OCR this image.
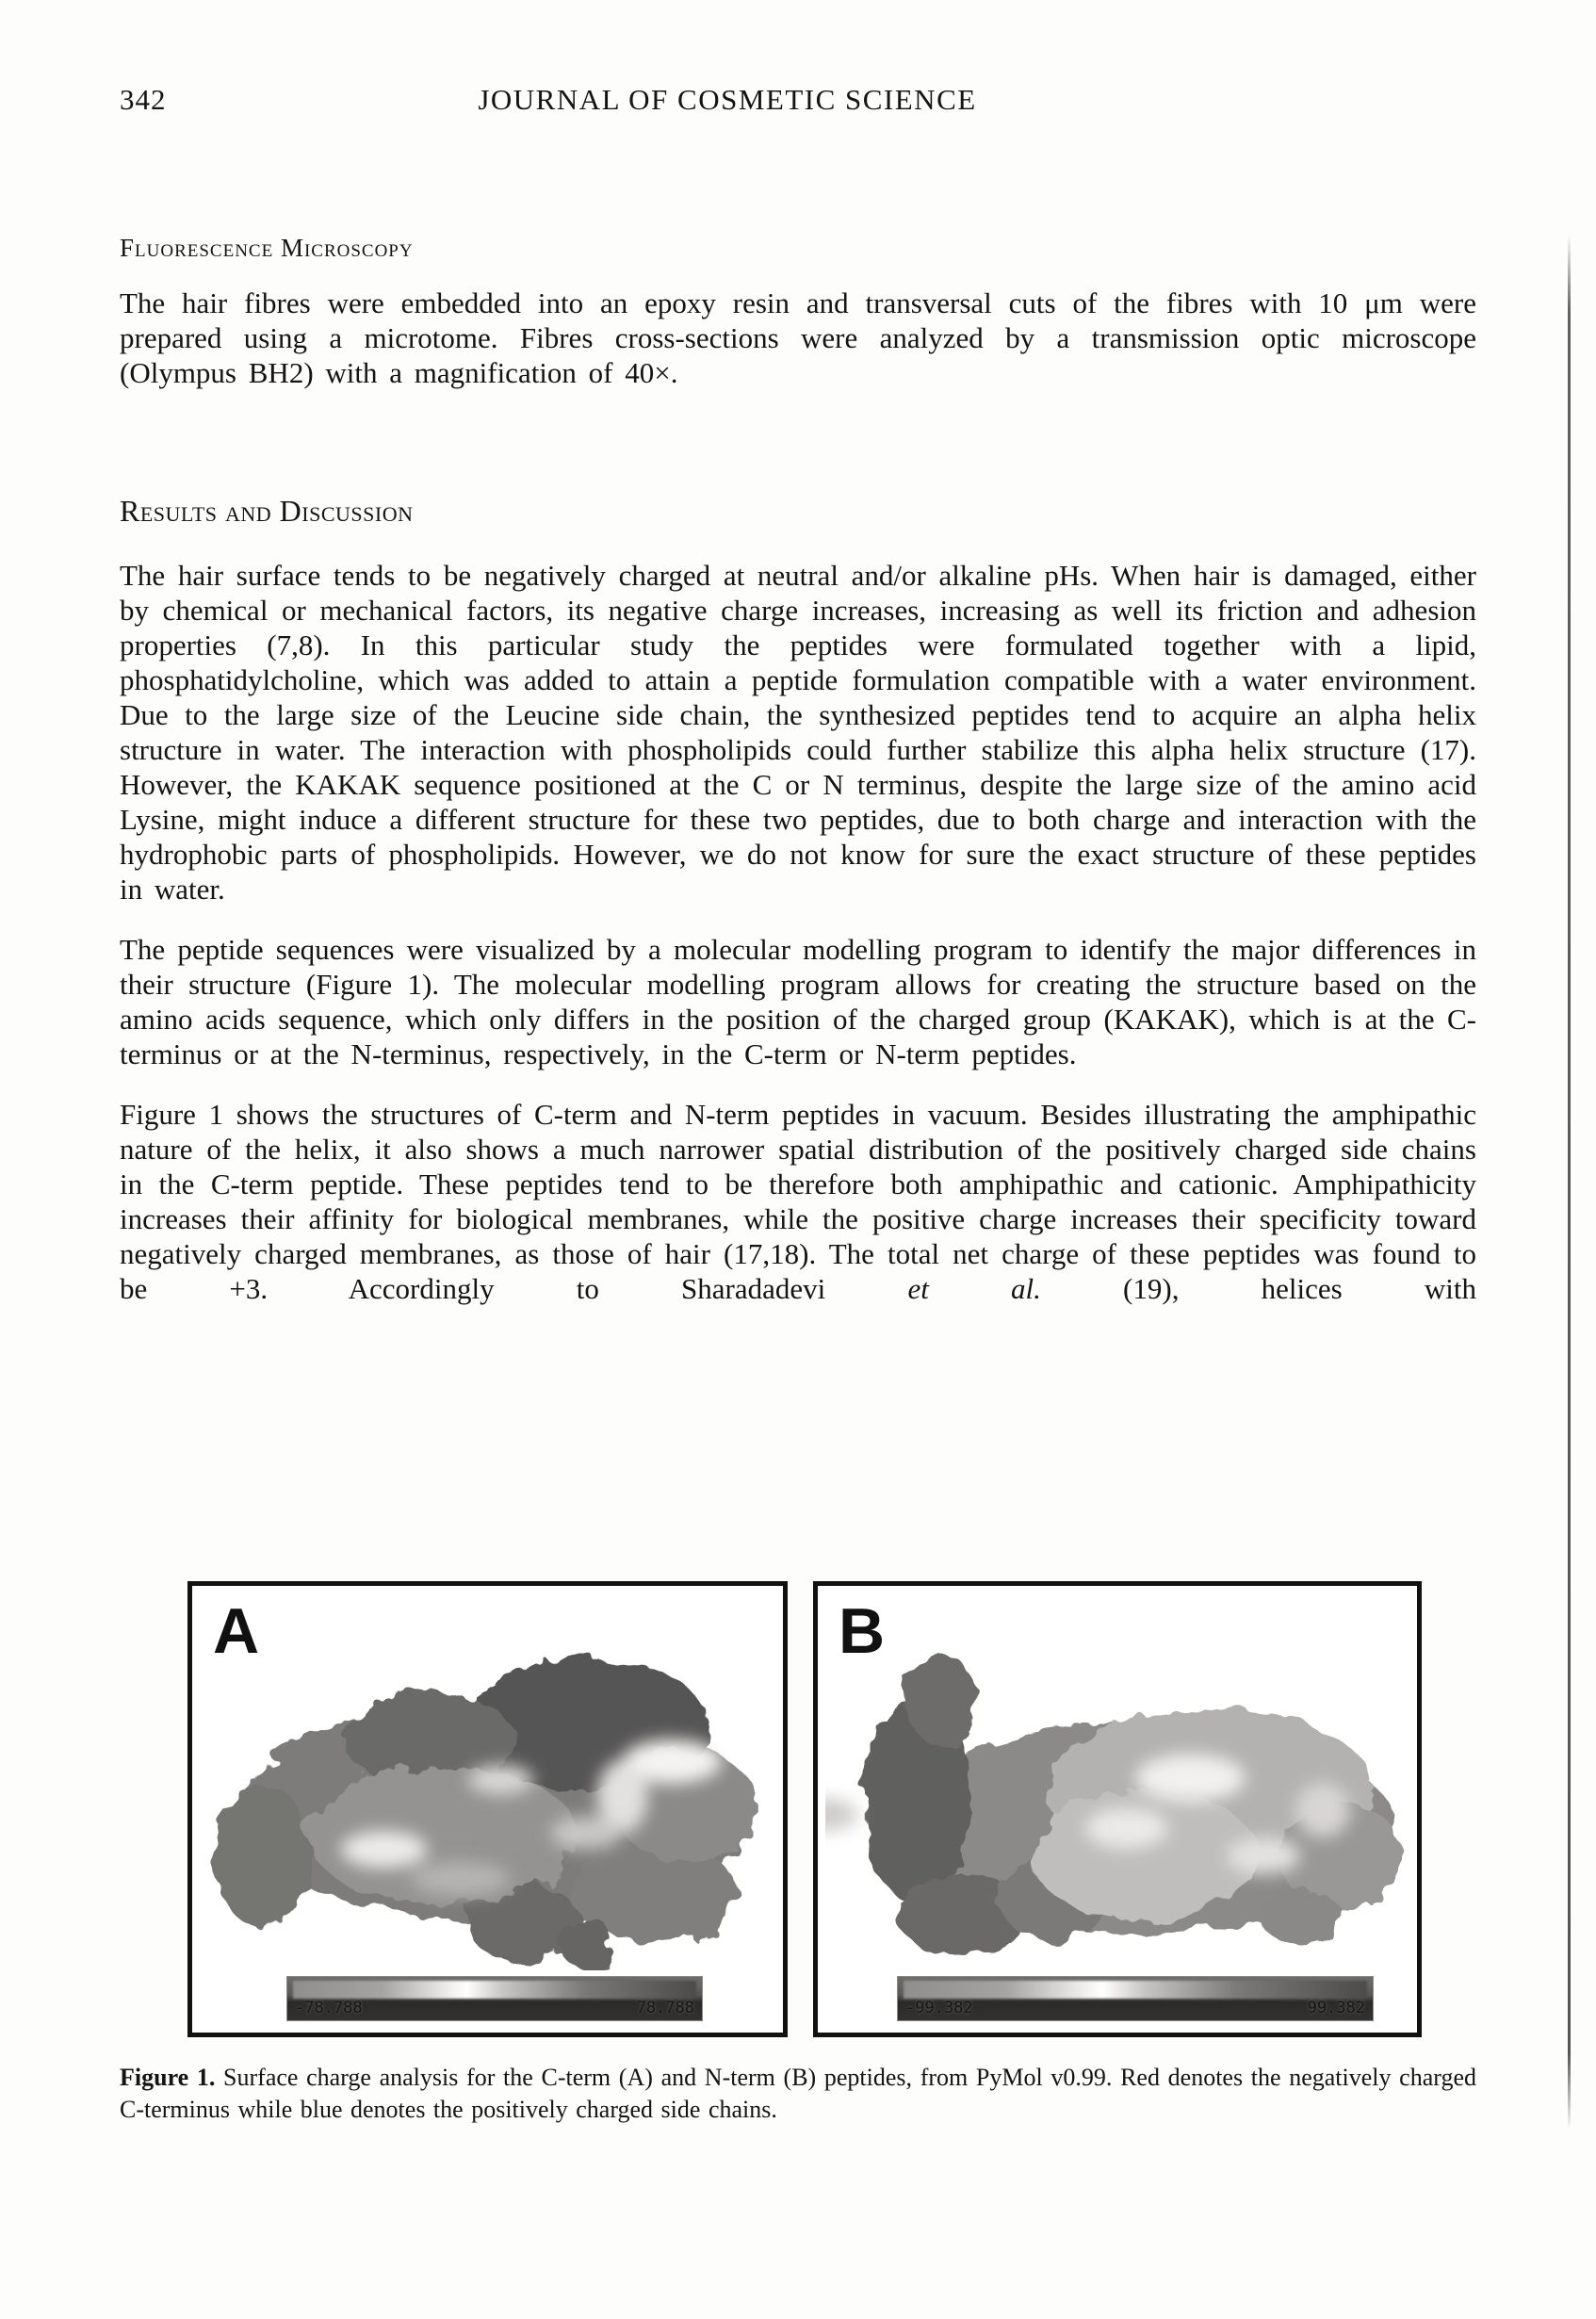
342	JOURNAL OF COSMETIC SCIENCE
Fluorescence Microscopy
The hair fibres were embedded into an epoxy resin and transversal cuts of the fibres with 10 μm were prepared using a microtome. Fibres cross-sections were analyzed by a transmission optic microscope (Olympus BH2) with a magnification of 40×.
Results and Discussion

The hair surface tends to be negatively charged at neutral and/or alkaline pHs. When hair is damaged, either by chemical or mechanical factors, its negative charge increases, increasing as well its friction and adhesion properties (7,8). In this particular study the peptides were formulated together with a lipid, phosphatidylcholine, which was added to attain a peptide formulation compatible with a water environment. Due to the large size of the Leucine side chain, the synthesized peptides tend to acquire an alpha helix structure in water. The interaction with phospholipids could further stabilize this alpha helix structure (17). However, the KAKAK sequence positioned at the C or N terminus, despite the large size of the amino acid Lysine, might induce a different structure for these two peptides, due to both charge and interaction with the hydrophobic parts of phospholipids. However, we do not know for sure the exact structure of these peptides in water.

The peptide sequences were visualized by a molecular modelling program to identify the major differences in their structure (Figure 1). The molecular modelling program allows for creating the structure based on the amino acids sequence, which only differs in the position of the charged group (KAKAK), which is at the C-terminus or at the N-terminus, respectively, in the C-term or N-term peptides.

Figure 1 shows the structures of C-term and N-term peptides in vacuum. Besides illustrating the amphipathic nature of the helix, it also shows a much narrower spatial distribution of the positively charged side chains in the C-term peptide. These peptides tend to be therefore both amphipathic and cationic. Amphipathicity increases their affinity for biological membranes, while the positive charge increases their specificity toward negatively charged membranes, as those of hair (17,18). The total net charge of these peptides was found to be +3. Accordingly to Sharadadevi et al. (19), helices with

A
-78.788	78.788
B
-99.382	99.382
Figure 1. Surface charge analysis for the C-term (A) and N-term (B) peptides, from PyMol v0.99. Red denotes the negatively charged C-terminus while blue denotes the positively charged side chains.
